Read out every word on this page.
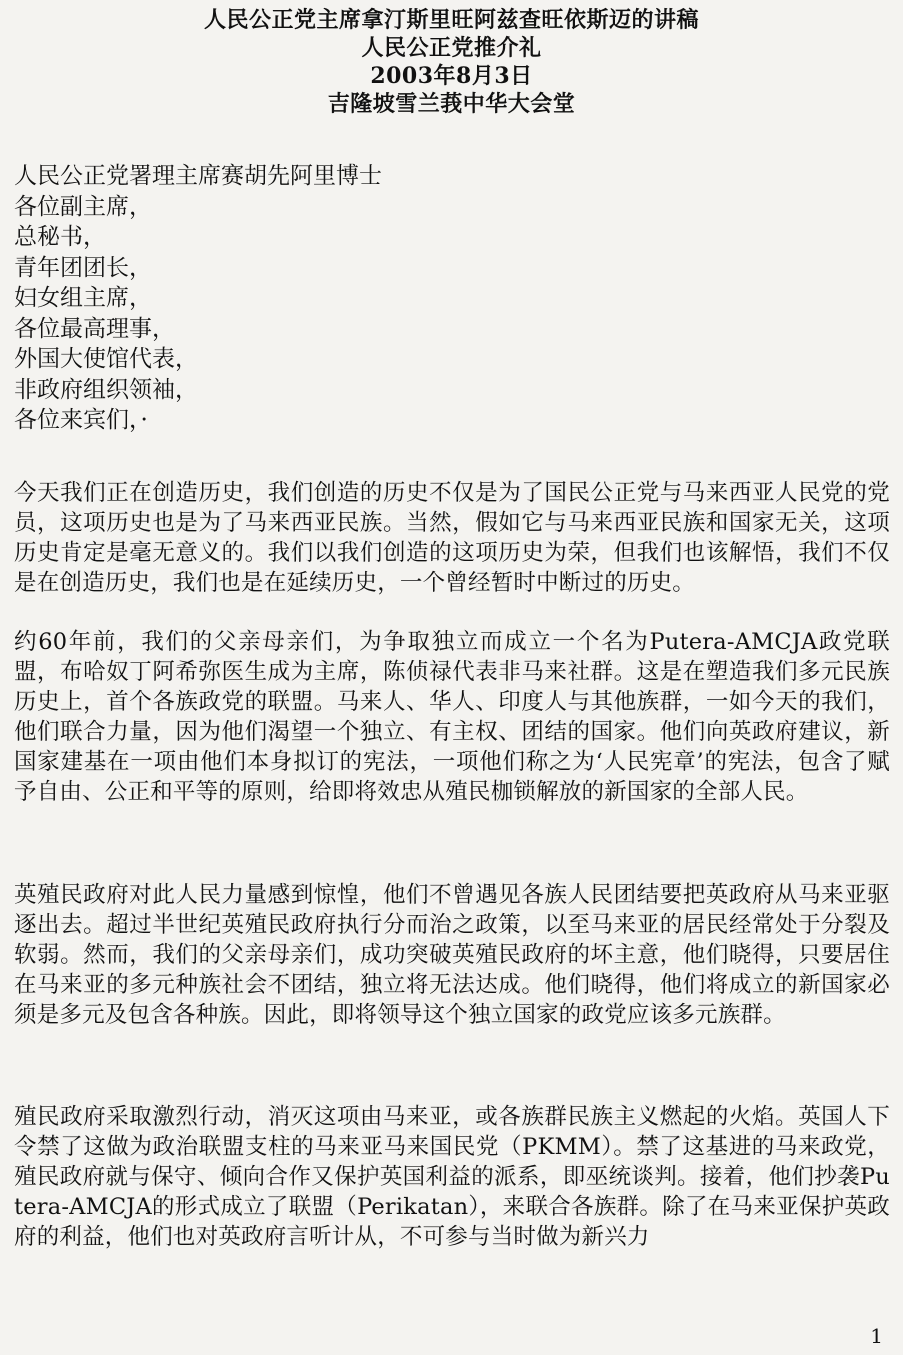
人民公正党主席拿汀斯里旺阿兹查旺依斯迈的讲稿
人民公正党推介礼
2003年8月3日
吉隆坡雪兰莪中华大会堂
人民公正党署理主席赛胡先阿里博士
各位副主席，
总秘书，
青年团团长，
妇女组主席，
各位最高理事，
外国大使馆代表，
非政府组织领袖，
各位来宾们，·
今天我们正在创造历史，我们创造的历史不仅是为了国民公正党与马来西亚人民党的党员，这项历史也是为了马来西亚民族。当然，假如它与马来西亚民族和国家无关，这项历史肯定是毫无意义的。我们以我们创造的这项历史为荣，但我们也该解悟，我们不仅是在创造历史，我们也是在延续历史，一个曾经暂时中断过的历史。
约60年前，我们的父亲母亲们，为争取独立而成立一个名为Putera-AMCJA政党联盟，布哈奴丁阿希弥医生成为主席，陈侦禄代表非马来社群。这是在塑造我们多元民族历史上，首个各族政党的联盟。马来人、华人、印度人与其他族群，一如今天的我们，他们联合力量，因为他们渴望一个独立、有主权、团结的国家。他们向英政府建议，新国家建基在一项由他们本身拟订的宪法，一项他们称之为‘人民宪章’的宪法，包含了赋予自由、公正和平等的原则，给即将效忠从殖民枷锁解放的新国家的全部人民。
英殖民政府对此人民力量感到惊惶，他们不曾遇见各族人民团结要把英政府从马来亚驱逐出去。超过半世纪英殖民政府执行分而治之政策，以至马来亚的居民经常处于分裂及软弱。然而，我们的父亲母亲们，成功突破英殖民政府的坏主意，他们晓得，只要居住在马来亚的多元种族社会不团结，独立将无法达成。他们晓得，他们将成立的新国家必须是多元及包含各种族。因此，即将领导这个独立国家的政党应该多元族群。
殖民政府采取激烈行动，消灭这项由马来亚，或各族群民族主义燃起的火焰。英国人下令禁了这做为政治联盟支柱的马来亚马来国民党（PKMM）。禁了这基进的马来政党，殖民政府就与保守、倾向合作又保护英国利益的派系，即巫统谈判。接着，他们抄袭Putera-AMCJA的形式成立了联盟（Perikatan），来联合各族群。除了在马来亚保护英政府的利益，他们也对英政府言听计从，不可参与当时做为新兴力
1
